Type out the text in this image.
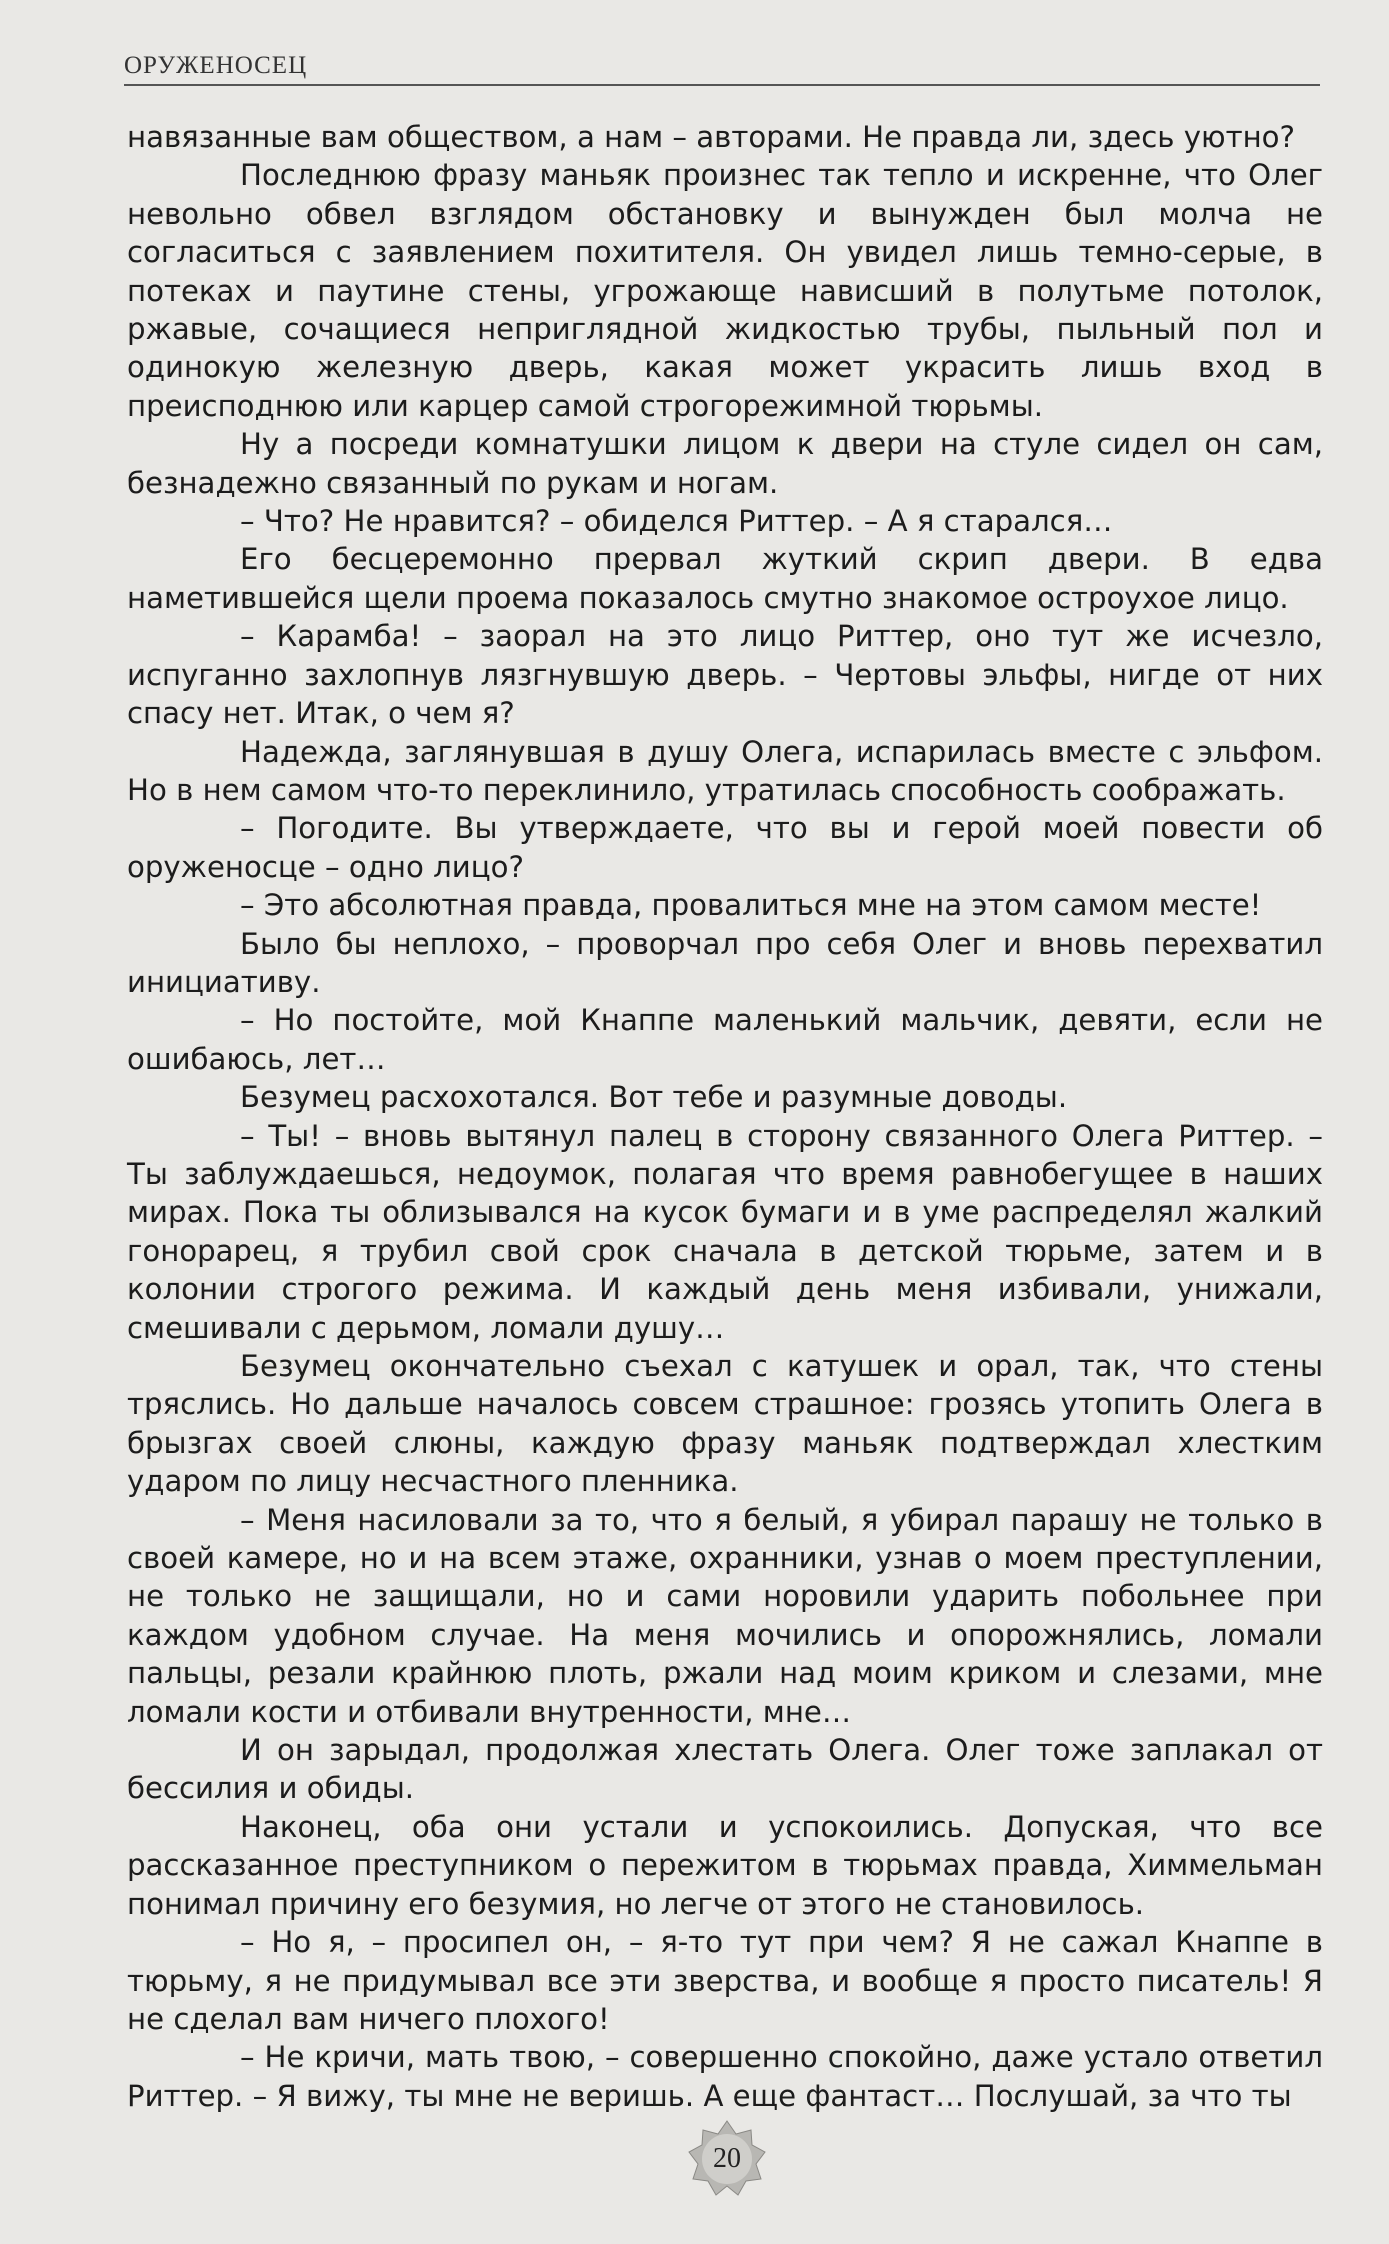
ОРУЖЕНОСЕЦ

навязанные вам обществом, а нам – авторами. Не правда ли, здесь уютно?

Последнюю фразу маньяк произнес так тепло и искренне, что Олег невольно обвел взглядом обстановку и вынужден был молча не согласиться с заявлением похитителя. Он увидел лишь темно-серые, в потеках и паутине стены, угрожающе нависший в полутьме потолок, ржавые, сочащиеся неприглядной жидкостью трубы, пыльный пол и одинокую железную дверь, какая может украсить лишь вход в преисподнюю или карцер самой строгорежимной тюрьмы.

Ну а посреди комнатушки лицом к двери на стуле сидел он сам, безнадежно связанный по рукам и ногам.

– Что? Не нравится? – обиделся Риттер. – А я старался…

Его бесцеремонно прервал жуткий скрип двери. В едва наметившейся щели проема показалось смутно знакомое остроухое лицо.

– Карамба! – заорал на это лицо Риттер, оно тут же исчезло, испуганно захлопнув лязгнувшую дверь. – Чертовы эльфы, нигде от них спасу нет. Итак, о чем я?

Надежда, заглянувшая в душу Олега, испарилась вместе с эльфом. Но в нем самом что-то переклинило, утратилась способность соображать.

– Погодите. Вы утверждаете, что вы и герой моей повести об оруженосце – одно лицо?

– Это абсолютная правда, провалиться мне на этом самом месте!

Было бы неплохо, – проворчал про себя Олег и вновь перехватил инициативу.

– Но постойте, мой Кнаппе маленький мальчик, девяти, если не ошибаюсь, лет…

Безумец расхохотался. Вот тебе и разумные доводы.

– Ты! – вновь вытянул палец в сторону связанного Олега Риттер. – Ты заблуждаешься, недоумок, полагая что время равнобегущее в наших мирах. Пока ты облизывался на кусок бумаги и в уме распределял жалкий гонорарец, я трубил свой срок сначала в детской тюрьме, затем и в колонии строгого режима. И каждый день меня избивали, унижали, смешивали с дерьмом, ломали душу…

Безумец окончательно съехал с катушек и орал, так, что стены тряслись. Но дальше началось совсем страшное: грозясь утопить Олега в брызгах своей слюны, каждую фразу маньяк подтверждал хлестким ударом по лицу несчастного пленника.

– Меня насиловали за то, что я белый, я убирал парашу не только в своей камере, но и на всем этаже, охранники, узнав о моем преступлении, не только не защищали, но и сами норовили ударить побольнее при каждом удобном случае. На меня мочились и опорожнялись, ломали пальцы, резали крайнюю плоть, ржали над моим криком и слезами, мне ломали кости и отбивали внутренности, мне…

И он зарыдал, продолжая хлестать Олега. Олег тоже заплакал от бессилия и обиды.

Наконец, оба они устали и успокоились. Допуская, что все рассказанное преступником о пережитом в тюрьмах правда, Химмельман понимал причину его безумия, но легче от этого не становилось.

– Но я, – просипел он, – я-то тут при чем? Я не сажал Кнаппе в тюрьму, я не придумывал все эти зверства, и вообще я просто писатель! Я не сделал вам ничего плохого!

– Не кричи, мать твою, – совершенно спокойно, даже устало ответил Риттер. – Я вижу, ты мне не веришь. А еще фантаст… Послушай, за что ты

20
